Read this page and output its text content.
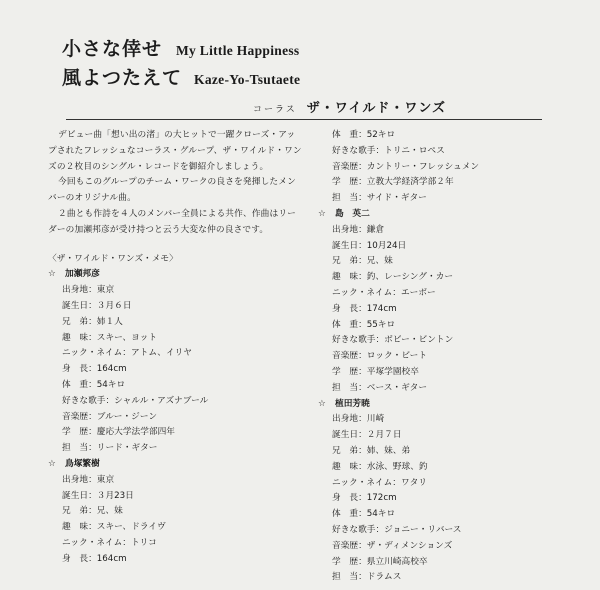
小さな倖せ My Little Happiness
風よつたえて Kaze-Yo-Tsutaete
コーラス ザ・ワイルド・ワンズ

デビュー曲「想い出の渚」の大ヒットで一躍クローズ・アップされたフレッシュなコーラス・グループ、ザ・ワイルド・ワンズの２枚目のシングル・レコードを御紹介しましょう。

今回もこのグループのチーム・ワークの良さを発揮したメンバーのオリジナル曲。

２曲とも作詩を４人のメンバー全員による共作、作曲はリーダーの加瀬邦彦が受け持つと云う大変な仲の良さです。

〈ザ・ワイルド・ワンズ・メモ〉
☆ 加瀬邦彦
出身地：東京
誕生日：３月６日
兄　弟：姉１人
趣　味：スキー、ヨット
ニック・ネイム：アトム、イリヤ
身　長：164cm
体　重：54キロ
好きな歌手：シャルル・アズナブール
音楽歴：ブルー・ジーン
学　歴：慶応大学法学部四年
担　当：リード・ギター
☆ 鳥塚繁樹
出身地：東京
誕生日：３月23日
兄　弟：兄、妹
趣　味：スキー、ドライヴ
ニック・ネイム：トリコ
身　長：164cm
体　重：52キロ
好きな歌手：トリニ・ロペス
音楽歴：カントリー・フレッシュメン
学　歴：立教大学経済学部２年
担　当：サイド・ギター
☆ 島　英二
出身地：鎌倉
誕生日：10月24日
兄　弟：兄、妹
趣　味：釣、レーシング・カー
ニック・ネイム：エーボー
身　長：174cm
体　重：55キロ
好きな歌手：ボビー・ビントン
音楽歴：ロック・ビート
学　歴：平塚学園校卒
担　当：ベース・ギター
☆ 植田芳暁
出身地：川崎
誕生日：２月７日
兄　弟：姉、妹、弟
趣　味：水泳、野球、釣
ニック・ネイム：ワタリ
身　長：172cm
体　重：54キロ
好きな歌手：ジョニー・リバース
音楽歴：ザ・ディメンションズ
学　歴：県立川崎高校卒
担　当：ドラムス
